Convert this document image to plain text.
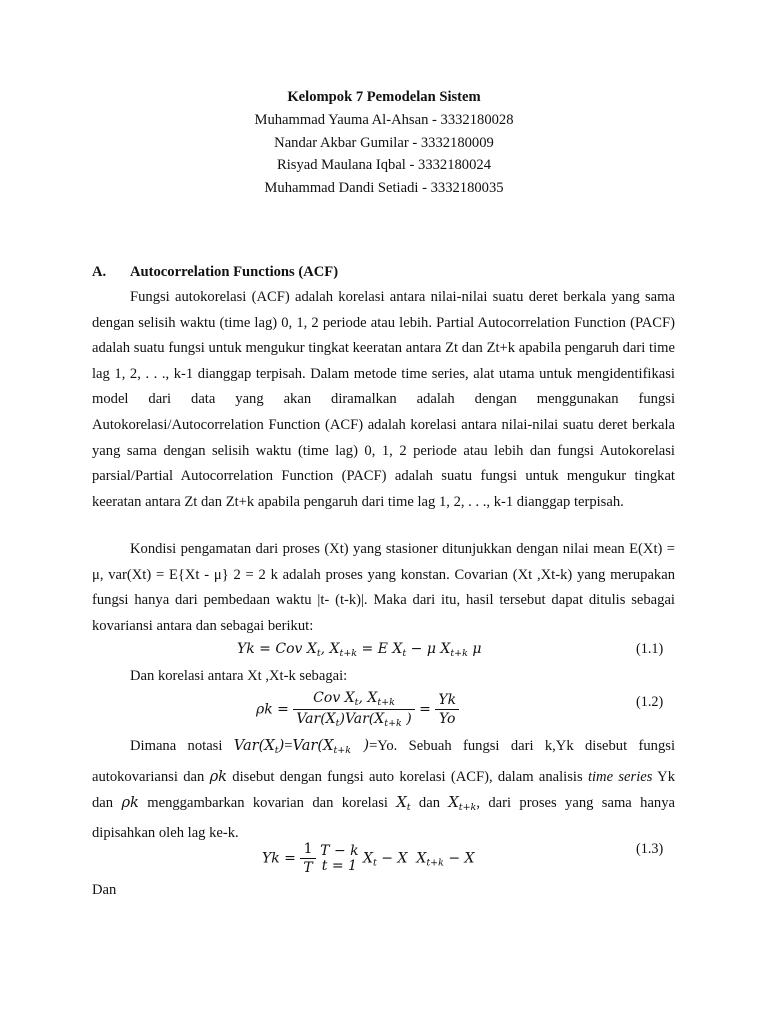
Kelompok 7 Pemodelan Sistem
Muhammad Yauma Al-Ahsan - 3332180028
Nandar Akbar Gumilar - 3332180009
Risyad Maulana Iqbal - 3332180024
Muhammad Dandi Setiadi - 3332180035
A. Autocorrelation Functions (ACF)

Fungsi autokorelasi (ACF) adalah korelasi antara nilai-nilai suatu deret berkala yang sama dengan selisih waktu (time lag) 0, 1, 2 periode atau lebih. Partial Autocorrelation Function (PACF) adalah suatu fungsi untuk mengukur tingkat keeratan antara Zt dan Zt+k apabila pengaruh dari time lag 1, 2, . . ., k-1 dianggap terpisah. Dalam metode time series, alat utama untuk mengidentifikasi model dari data yang akan diramalkan adalah dengan menggunakan fungsi Autokorelasi/Autocorrelation Function (ACF) adalah korelasi antara nilai-nilai suatu deret berkala yang sama dengan selisih waktu (time lag) 0, 1, 2 periode atau lebih dan fungsi Autokorelasi parsial/Partial Autocorrelation Function (PACF) adalah suatu fungsi untuk mengukur tingkat keeratan antara Zt dan Zt+k apabila pengaruh dari time lag 1, 2, . . ., k-1 dianggap terpisah.

Kondisi pengamatan dari proses (Xt) yang stasioner ditunjukkan dengan nilai mean E(Xt) = μ, var(Xt) = E{Xt - μ} 2 = 2 k adalah proses yang konstan. Covarian (Xt ,Xt-k) yang merupakan fungsi hanya dari pembedaan waktu |t- (t-k)|. Maka dari itu, hasil tersebut dapat ditulis sebagai kovariansi antara dan sebagai berikut:

Yk = Cov $X_t$, $X_{t+k} = E$ $X_t - \mu$ $X_{t+k}$ μ	(1.1)

Dan korelasi antara Xt ,Xt-k sebagai:

$\rho k = \frac{Cov X_t, X_{t+k}}{Var(X_t)Var(X_{t+k} )} = \frac{Yk}{Yo}$	(1.2)

Dimana notasi $Var(X_t)=Var(X_{t+k}$ )=Yo. Sebuah fungsi dari k,Yk disebut fungsi autokovariansi dan ρk disebut dengan fungsi auto korelasi (ACF), dalam analisis time series Yk dan ρk menggambarkan kovarian dan korelasi $X_t$ dan $X_{t+k}$, dari proses yang sama hanya dipisahkan oleh lag ke-k.

$Yk = \frac{1}{T}$
T − k
t = 1 $X_t - X$  $X_{t+k} - X$
(1.3)

Dan
